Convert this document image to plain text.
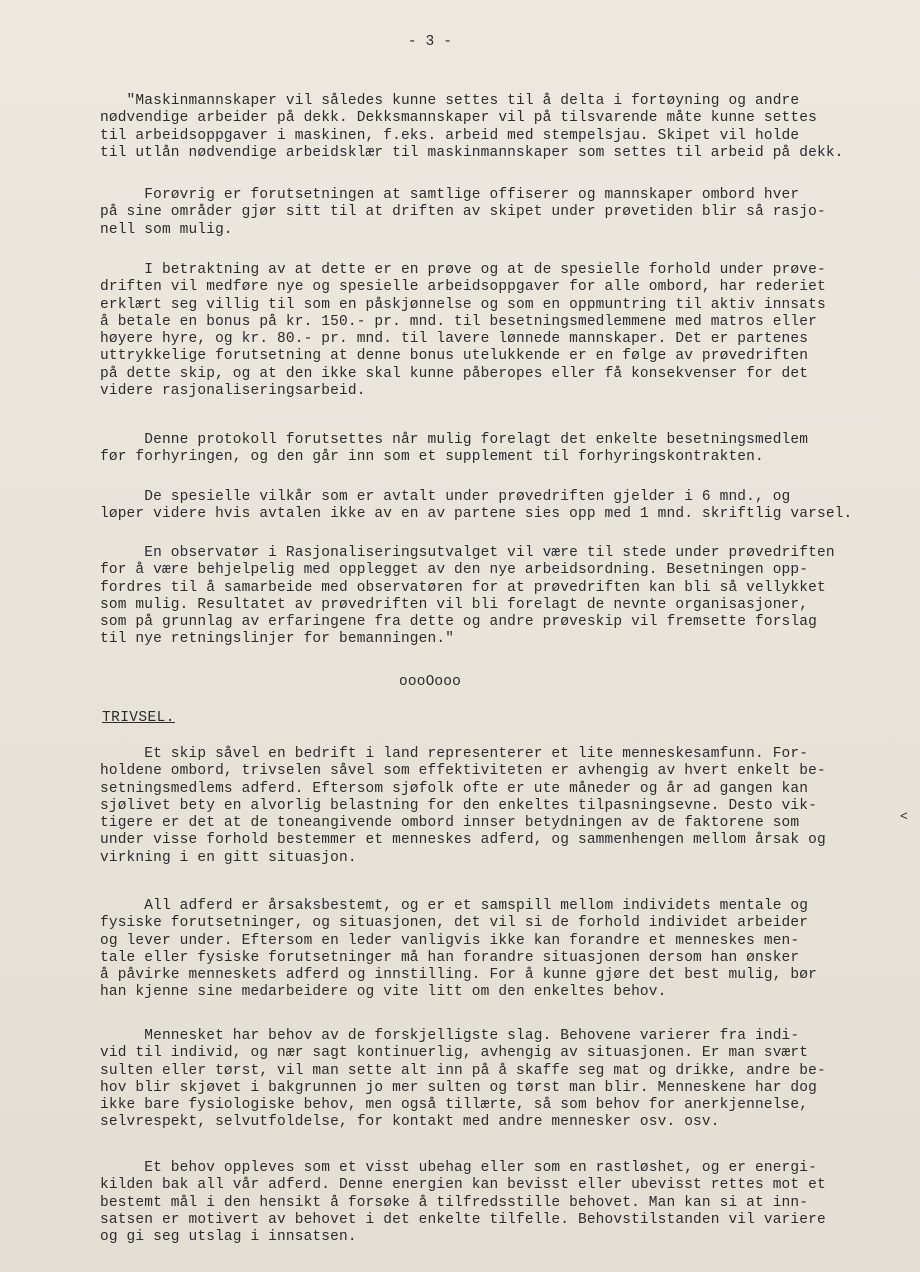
- 3 -
"Maskinmannskaper vil således kunne settes til å delta i fortøyning og andre
nødvendige arbeider på dekk. Dekksmannskaper vil på tilsvarende måte kunne settes
til arbeidsoppgaver i maskinen, f.eks. arbeid med stempelsjau. Skipet vil holde
til utlån nødvendige arbeidsklær til maskinmannskaper som settes til arbeid på dekk.
Forøvrig er forutsetningen at samtlige offiserer og mannskaper ombord hver
på sine områder gjør sitt til at driften av skipet under prøvetiden blir så rasjo-
nell som mulig.
I betraktning av at dette er en prøve og at de spesielle forhold under prøve-
driften vil medføre nye og spesielle arbeidsoppgaver for alle ombord, har rederiet
erklært seg villig til som en påskjønnelse og som en oppmuntring til aktiv innsats
å betale en bonus på kr. 150.- pr. mnd. til besetningsmedlemmene med matros eller
høyere hyre, og kr. 80.- pr. mnd. til lavere lønnede mannskaper. Det er partenes
uttrykkelige forutsetning at denne bonus utelukkende er en følge av prøvedriften
på dette skip, og at den ikke skal kunne påberopes eller få konsekvenser for det
videre rasjonaliseringsarbeid.
Denne protokoll forutsettes når mulig forelagt det enkelte besetningsmedlem
før forhyringen, og den går inn som et supplement til forhyringskontrakten.
De spesielle vilkår som er avtalt under prøvedriften gjelder i 6 mnd., og
løper videre hvis avtalen ikke av en av partene sies opp med 1 mnd. skriftlig varsel.
En observatør i Rasjonaliseringsutvalget vil være til stede under prøvedriften
for å være behjelpelig med opplegget av den nye arbeidsordning. Besetningen opp-
fordres til å samarbeide med observatøren for at prøvedriften kan bli så vellykket
som mulig. Resultatet av prøvedriften vil bli forelagt de nevnte organisasjoner,
som på grunnlag av erfaringene fra dette og andre prøveskip vil fremsette forslag
til nye retningslinjer for bemanningen."
oooOooo
TRIVSEL.
Et skip såvel en bedrift i land representerer et lite menneskesamfunn. For-
holdene ombord, trivselen såvel som effektiviteten er avhengig av hvert enkelt be-
setningsmedlems adferd. Eftersom sjøfolk ofte er ute måneder og år ad gangen kan
sjølivet bety en alvorlig belastning for den enkeltes tilpasningsevne. Desto vik-
tigere er det at de toneangivende ombord innser betydningen av de faktorene som
under visse forhold bestemmer et menneskes adferd, og sammenhengen mellom årsak og
virkning i en gitt situasjon.
All adferd er årsaksbestemt, og er et samspill mellom individets mentale og
fysiske forutsetninger, og situasjonen, det vil si de forhold individet arbeider
og lever under. Eftersom en leder vanligvis ikke kan forandre et menneskes men-
tale eller fysiske forutsetninger må han forandre situasjonen dersom han ønsker
å påvirke menneskets adferd og innstilling. For å kunne gjøre det best mulig, bør
han kjenne sine medarbeidere og vite litt om den enkeltes behov.
Mennesket har behov av de forskjelligste slag. Behovene varierer fra indi-
vid til individ, og nær sagt kontinuerlig, avhengig av situasjonen. Er man svært
sulten eller tørst, vil man sette alt inn på å skaffe seg mat og drikke, andre be-
hov blir skjøvet i bakgrunnen jo mer sulten og tørst man blir. Menneskene har dog
ikke bare fysiologiske behov, men også tillærte, så som behov for anerkjennelse,
selvrespekt, selvutfoldelse, for kontakt med andre mennesker osv. osv.
Et behov oppleves som et visst ubehag eller som en rastløshet, og er energi-
kilden bak all vår adferd. Denne energien kan bevisst eller ubevisst rettes mot et
bestemt mål i den hensikt å forsøke å tilfredsstille behovet. Man kan si at inn-
satsen er motivert av behovet i det enkelte tilfelle. Behovstilstanden vil variere
og gi seg utslag i innsatsen.
<
